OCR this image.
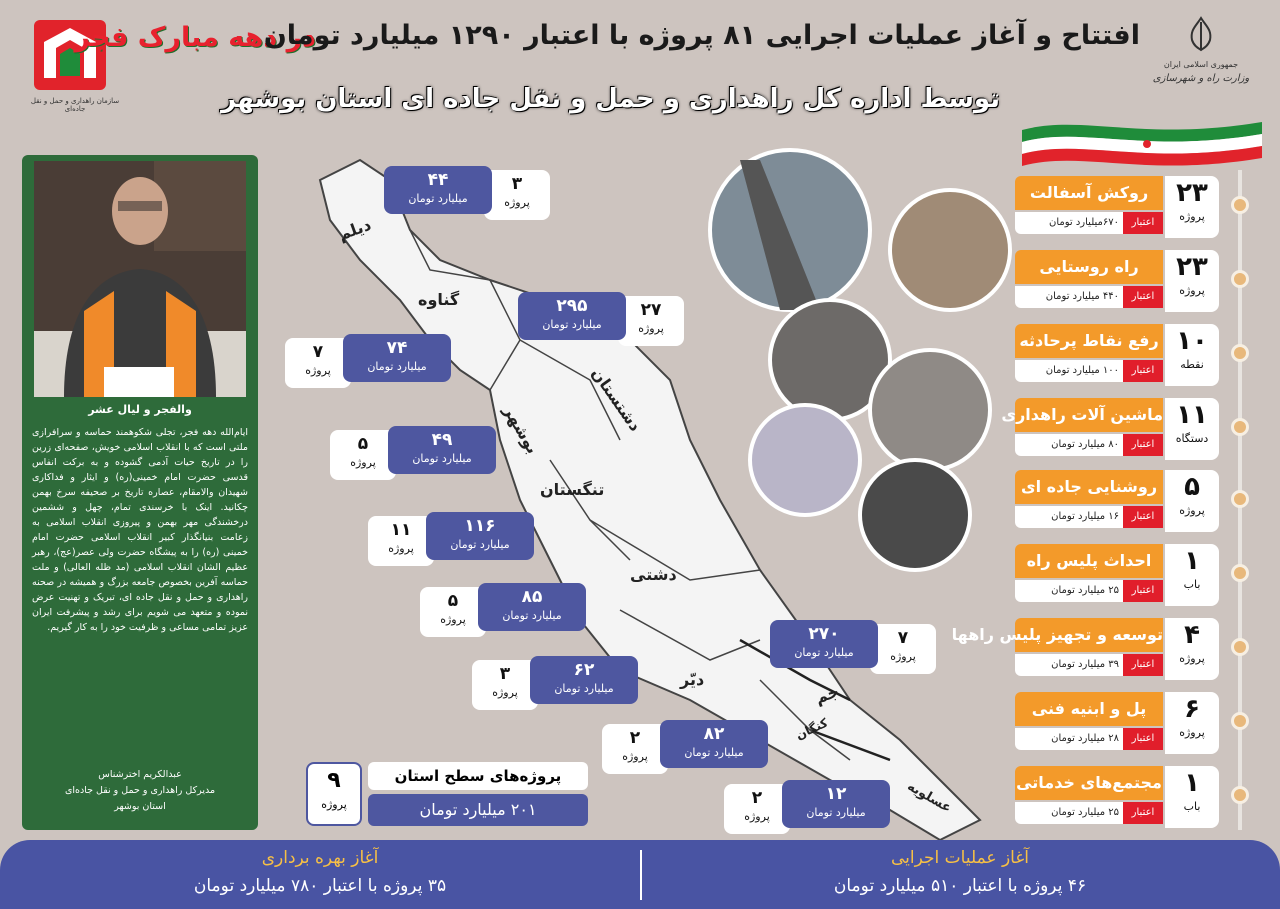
سازمان راهداری و حمل و نقل جاده‌ای
در دهه مبارک فجر
افتتاح و آغاز عملیات اجرایی ۸۱ پروژه با اعتبار ۱۲۹۰ میلیارد تومان
توسط اداره کل راهداری و حمل و نقل جاده ای استان بوشهر
جمهوری اسلامی ایران
وزارت راه و شهرسازی
والفجر و لیال عشر
ایام‌الله دهه فجر، تجلی شکوهمند حماسه و سرافرازی ملتی است که با انقلاب اسلامی خویش، صفحه‌ای زرین را در تاریخ حیات آدمی گشوده و به برکت انفاس قدسی حضرت امام خمینی(ره) و ایثار و فداکاری شهیدان والامقام، عصاره تاریخ بر صحیفه سرخ بهمن چکانید. اینک با خرسندی تمام، چهل و ششمین درخشندگی مهر بهمن و پیروزی انقلاب اسلامی به زعامت بنیانگذار کبیر انقلاب اسلامی حضرت امام خمینی (ره) را به پیشگاه حضرت ولی عصر(عج)، رهبر عظیم الشان انقلاب اسلامی (مد ظله العالی) و ملت حماسه آفرین بخصوص جامعه بزرگ و همیشه در صحنه راهداری و حمل و نقل جاده ای، تبریک و تهنیت عرض نموده و متعهد می شویم برای رشد و پیشرفت ایران عزیز تمامی مساعی و ظرفیت خود را به کار گیریم.
عبدالکریم اخترشناس
مدیرکل راهداری و حمل و نقل جاده‌ای
استان بوشهر
دیلم
گناوه
دشتستان
بوشهر
تنگستان
دشتی
دیّر
جم
کنگان
عسلویه
۳
پروژه
۴۴
میلیارد تومان
۲۷
پروژه
۲۹۵
میلیارد تومان
۷
پروژه
۷۴
میلیارد تومان
۵
پروژه
۴۹
میلیارد تومان
۱۱
پروژه
۱۱۶
میلیارد تومان
۵
پروژه
۸۵
میلیارد تومان
۳
پروژه
۶۲
میلیارد تومان
۷
پروژه
۲۷۰
میلیارد تومان
۲
پروژه
۸۲
میلیارد تومان
۲
پروژه
۱۲
میلیارد تومان
۹
پروژه
پروژه‌های سطح استان
۲۰۱ میلیارد تومان
روکش آسفالت
اعتبار
۶۷۰میلیارد تومان
۲۳
پروژه
راه روستایی
اعتبار
۴۴۰ میلیارد تومان
۲۳
پروژه
رفع نقاط پرحادثه
اعتبار
۱۰۰ میلیارد تومان
۱۰
نقطه
ماشین آلات راهداری
اعتبار
۸۰ میلیارد تومان
۱۱
دستگاه
روشنایی جاده ای
اعتبار
۱۶ میلیارد تومان
۵
پروژه
احداث پلیس راه
اعتبار
۲۵ میلیارد تومان
۱
باب
توسعه و تجهیز پلیس راهها
اعتبار
۳۹ میلیارد تومان
۴
پروژه
پل و ابنیه فنی
اعتبار
۲۸ میلیارد تومان
۶
پروژه
مجتمع‌های خدماتی
اعتبار
۲۵ میلیارد تومان
۱
باب
آغاز عملیات اجرایی
۴۶ پروژه با اعتبار ۵۱۰ میلیارد تومان
آغاز بهره برداری
۳۵ پروژه با اعتبار ۷۸۰ میلیارد تومان
